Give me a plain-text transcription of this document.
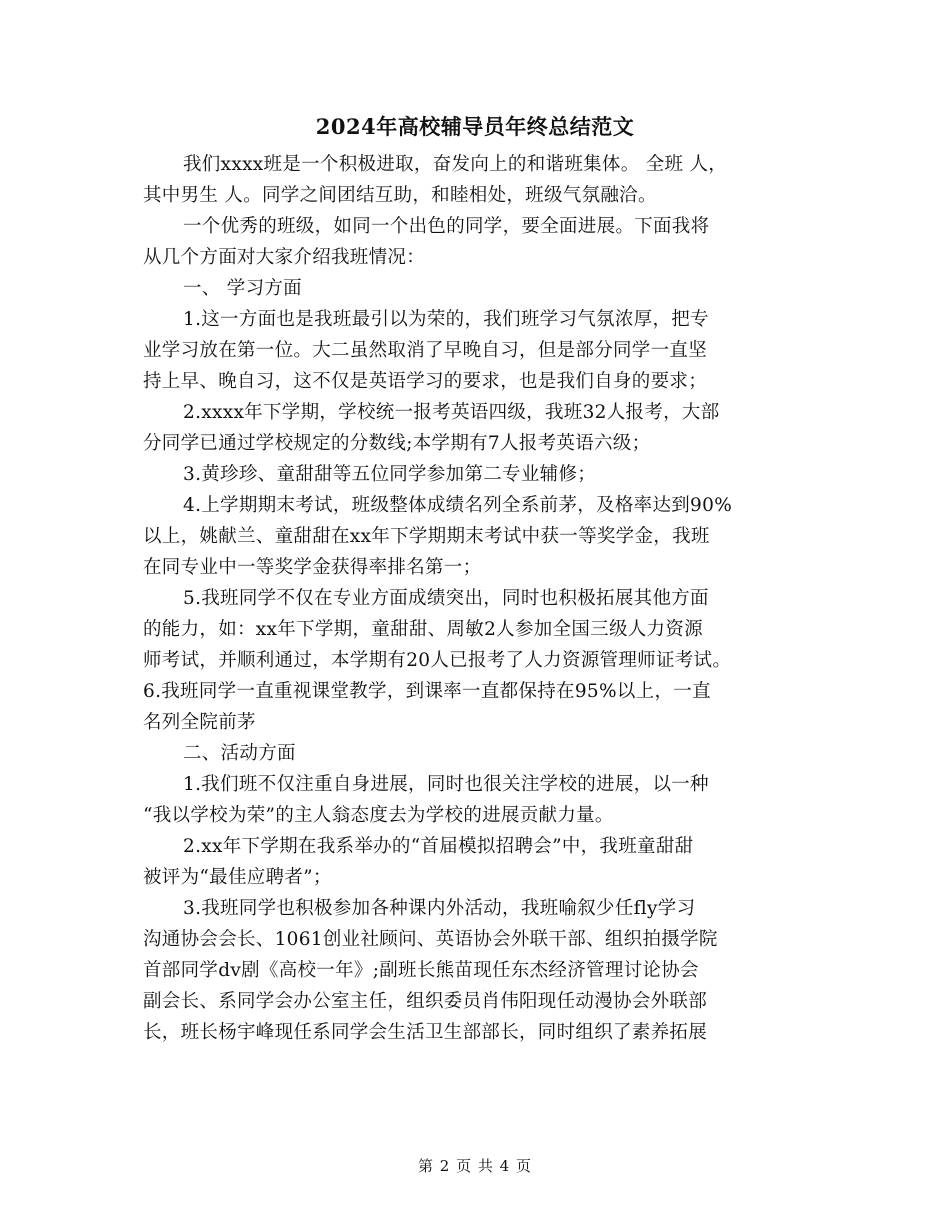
2024年高校辅导员年终总结范文
我们xxxx班是一个积极进取，奋发向上的和谐班集体。 全班 人，
其中男生 人。同学之间团结互助，和睦相处，班级气氛融洽。
一个优秀的班级，如同一个出色的同学，要全面进展。下面我将
从几个方面对大家介绍我班情况：
一、 学习方面
1.这一方面也是我班最引以为荣的，我们班学习气氛浓厚，把专
业学习放在第一位。大二虽然取消了早晚自习，但是部分同学一直坚
持上早、晚自习，这不仅是英语学习的要求，也是我们自身的要求；
2.xxxx年下学期，学校统一报考英语四级，我班32人报考，大部
分同学已通过学校规定的分数线;本学期有7人报考英语六级；
3.黄珍珍、童甜甜等五位同学参加第二专业辅修；
4.上学期期末考试，班级整体成绩名列全系前茅，及格率达到90%
以上，姚献兰、童甜甜在xx年下学期期末考试中获一等奖学金，我班
在同专业中一等奖学金获得率排名第一；
5.我班同学不仅在专业方面成绩突出，同时也积极拓展其他方面
的能力，如：xx年下学期，童甜甜、周敏2人参加全国三级人力资源
师考试，并顺利通过，本学期有20人已报考了人力资源管理师证考试。
6.我班同学一直重视课堂教学，到课率一直都保持在95%以上，一直
名列全院前茅
二、活动方面
1.我们班不仅注重自身进展，同时也很关注学校的进展，以一种
“我以学校为荣”的主人翁态度去为学校的进展贡献力量。
2.xx年下学期在我系举办的“首届模拟招聘会”中，我班童甜甜
被评为“最佳应聘者”；
3.我班同学也积极参加各种课内外活动，我班喻叙少任fly学习
沟通协会会长、1061创业社顾问、英语协会外联干部、组织拍摄学院
首部同学dv剧《高校一年》;副班长熊苗现任东杰经济管理讨论协会
副会长、系同学会办公室主任，组织委员肖伟阳现任动漫协会外联部
长，班长杨宇峰现任系同学会生活卫生部部长，同时组织了素养拓展
第 2 页 共 4 页
